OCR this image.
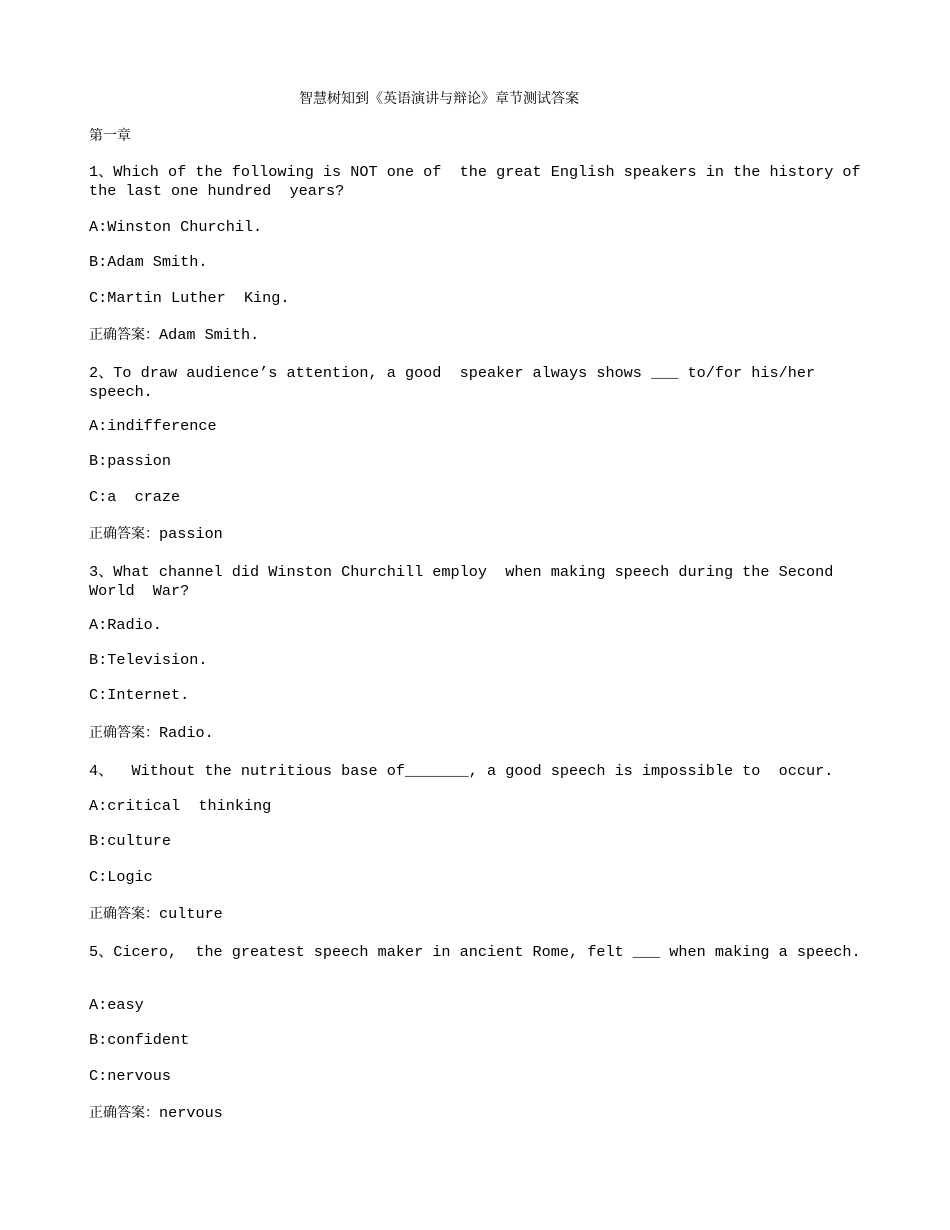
智慧树知到《英语演讲与辩论》章节测试答案
第一章
1、Which of the following is NOT one of  the great English speakers in the history of the last one hundred  years?
A:Winston Churchil.
B:Adam Smith.
C:Martin Luther  King.
正确答案：Adam Smith.
2、To draw audience’s attention, a good  speaker always shows ___ to/for his/her speech.
A:indifference
B:passion
C:a  craze
正确答案：passion
3、What channel did Winston Churchill employ  when making speech during the Second World  War?
A:Radio.
B:Television.
C:Internet.
正确答案：Radio.
4、  Without the nutritious base of_______, a good speech is impossible to  occur.
A:critical  thinking
B:culture
C:Logic
正确答案：culture
5、Cicero,  the greatest speech maker in ancient Rome, felt ___ when making a speech.
A:easy
B:confident
C:nervous
正确答案：nervous
